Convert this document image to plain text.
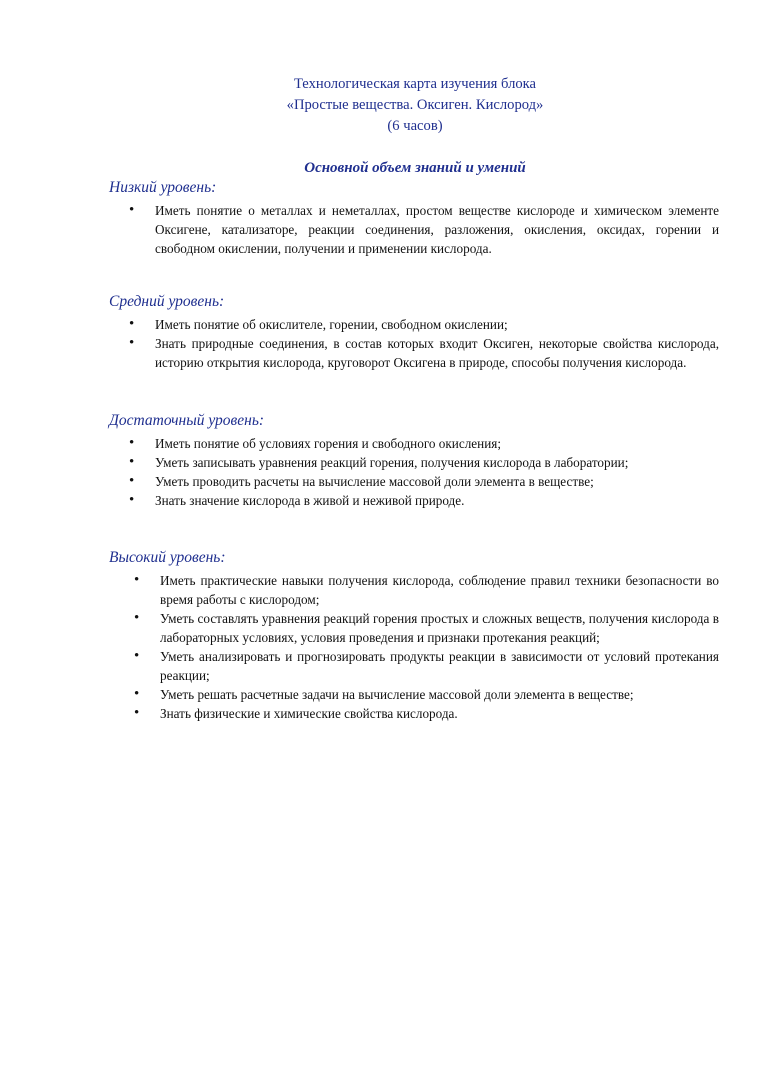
Технологическая карта изучения блока
«Простые вещества. Оксиген. Кислород»
(6 часов)
Основной объем знаний и умений
Низкий уровень:
• Иметь понятие о металлах и неметаллах, простом веществе кислороде и химическом элементе Оксигене, катализаторе, реакции соединения, разложения, окисления, оксидах, горении и свободном окислении, получении и применении кислорода.
Средний уровень:
• Иметь понятие об окислителе, горении, свободном окислении;
• Знать природные соединения, в состав которых входит Оксиген, некоторые свойства кислорода, историю открытия кислорода, круговорот Оксигена в природе, способы получения кислорода.
Достаточный уровень:
• Иметь понятие об условиях горения и свободного окисления;
• Уметь записывать уравнения реакций горения, получения кислорода в лаборатории;
• Уметь проводить расчеты на вычисление массовой доли элемента в веществе;
• Знать значение кислорода в живой и неживой природе.
Высокий уровень:
• Иметь практические навыки получения кислорода, соблюдение правил техники безопасности во время работы с кислородом;
• Уметь составлять уравнения реакций горения простых и сложных веществ, получения кислорода в лабораторных условиях, условия проведения и признаки протекания реакций;
• Уметь анализировать и прогнозировать продукты реакции в зависимости от условий протекания реакции;
• Уметь решать расчетные задачи на вычисление массовой доли элемента в веществе;
• Знать физические и химические свойства кислорода.
